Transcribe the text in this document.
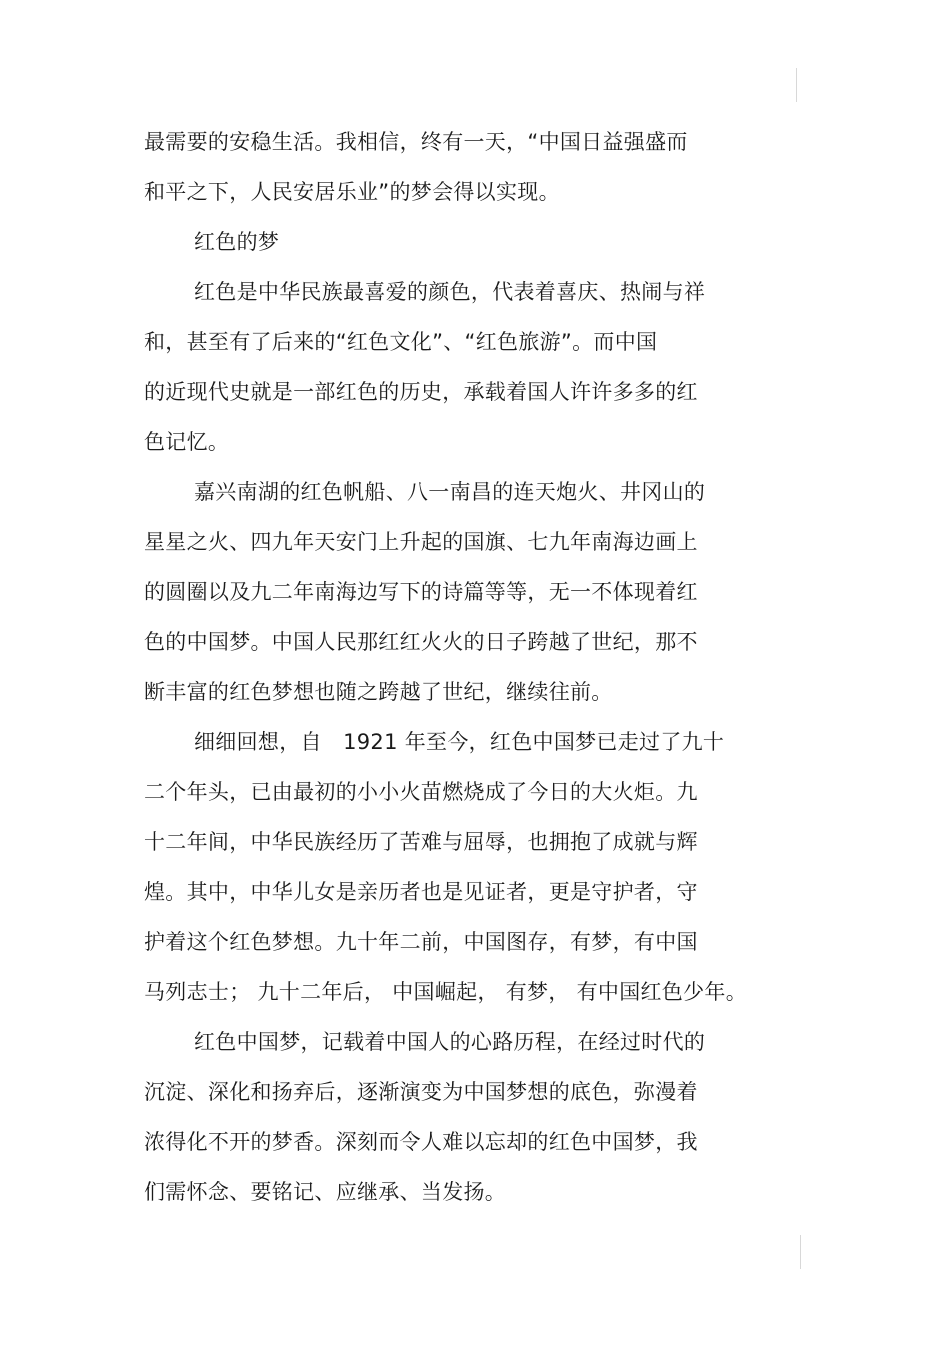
最需要的安稳生活。我相信，终有一天，“中国日益强盛而
和平之下，人民安居乐业”的梦会得以实现。
红色的梦
红色是中华民族最喜爱的颜色，代表着喜庆、热闹与祥
和，甚至有了后来的“红色文化”、“红色旅游”。而中国
的近现代史就是一部红色的历史，承载着国人许许多多的红
色记忆。
嘉兴南湖的红色帆船、八一南昌的连天炮火、井冈山的
星星之火、四九年天安门上升起的国旗、七九年南海边画上
的圆圈以及九二年南海边写下的诗篇等等，无一不体现着红
色的中国梦。中国人民那红红火火的日子跨越了世纪，那不
断丰富的红色梦想也随之跨越了世纪，继续往前。
细细回想，自　1921 年至今，红色中国梦已走过了九十
二个年头，已由最初的小小火苗燃烧成了今日的大火炬。九
十二年间，中华民族经历了苦难与屈辱，也拥抱了成就与辉
煌。其中，中华儿女是亲历者也是见证者，更是守护者，守
护着这个红色梦想。九十年二前，中国图存，有梦，有中国
马列志士； 九十二年后， 中国崛起， 有梦， 有中国红色少年。
红色中国梦，记载着中国人的心路历程，在经过时代的
沉淀、深化和扬弃后，逐渐演变为中国梦想的底色，弥漫着
浓得化不开的梦香。深刻而令人难以忘却的红色中国梦，我
们需怀念、要铭记、应继承、当发扬。
